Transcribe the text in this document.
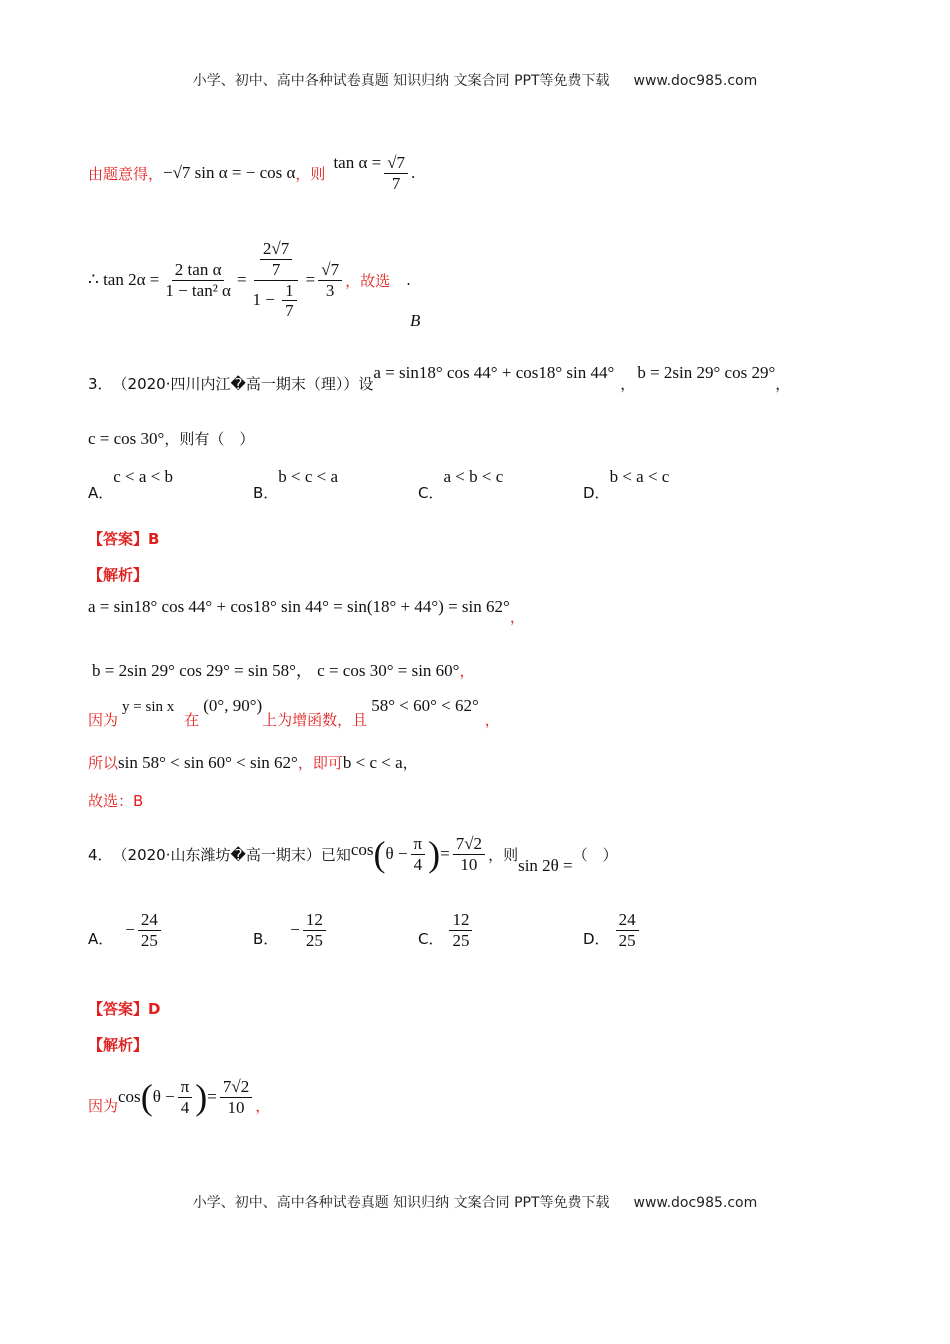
小学、初中、高中各种试卷真题 知识归纳 文案合同 PPT等免费下载 www.doc985.com
由题意得， −√7 sin α = − cos α ，则
$\tan \alpha = \frac{√7}{7}$ .
∴ $\tan 2\alpha = \frac{\text{2 tan α}}{\text{1 − tan² α}} = \frac{\frac{2√7}{7}}{1 - \frac{1}{7}} = \frac{√7}{3}$ ，故选 .
B
3． （2020·四川内江�高一期末（理））设
a = sin18° cos 44° + cos18° sin 44°
，
b = 2sin 29° cos 29°
，
c = cos 30° ，则有（　）
A．c < a < b
B．b < c < a
C．a < b < c
D．b < a < c
【答案】B
【解析】
a = sin18° cos 44° + cos18° sin 44° = sin(18° + 44°) = sin 62°，
b = 2sin 29° cos 29° = sin 58°， c = cos 30° = sin 60°，
因为
y = sin x
在
(0°, 90°)
上为增函数，且
58° < 60° < 62°
，
所以 sin 58° < sin 60° < sin 62° ，即可 b < c < a ，
故选：B
4． （2020·山东潍坊�高一期末）已知 cos ( $\theta - \frac{\pi}{4}$ ) = $\frac{7√2}{10}$ ，则
sin 2θ =
（　）
A． − $\frac{24}{25}$	B． − $\frac{12}{25}$	C． $\frac{12}{25}$	D． $\frac{24}{25}$
【答案】D
【解析】
因为 cos ( $\theta - \frac{\pi}{4}$ ) = $\frac{7√2}{10}$ ，
小学、初中、高中各种试卷真题 知识归纳 文案合同 PPT等免费下载 www.doc985.com
